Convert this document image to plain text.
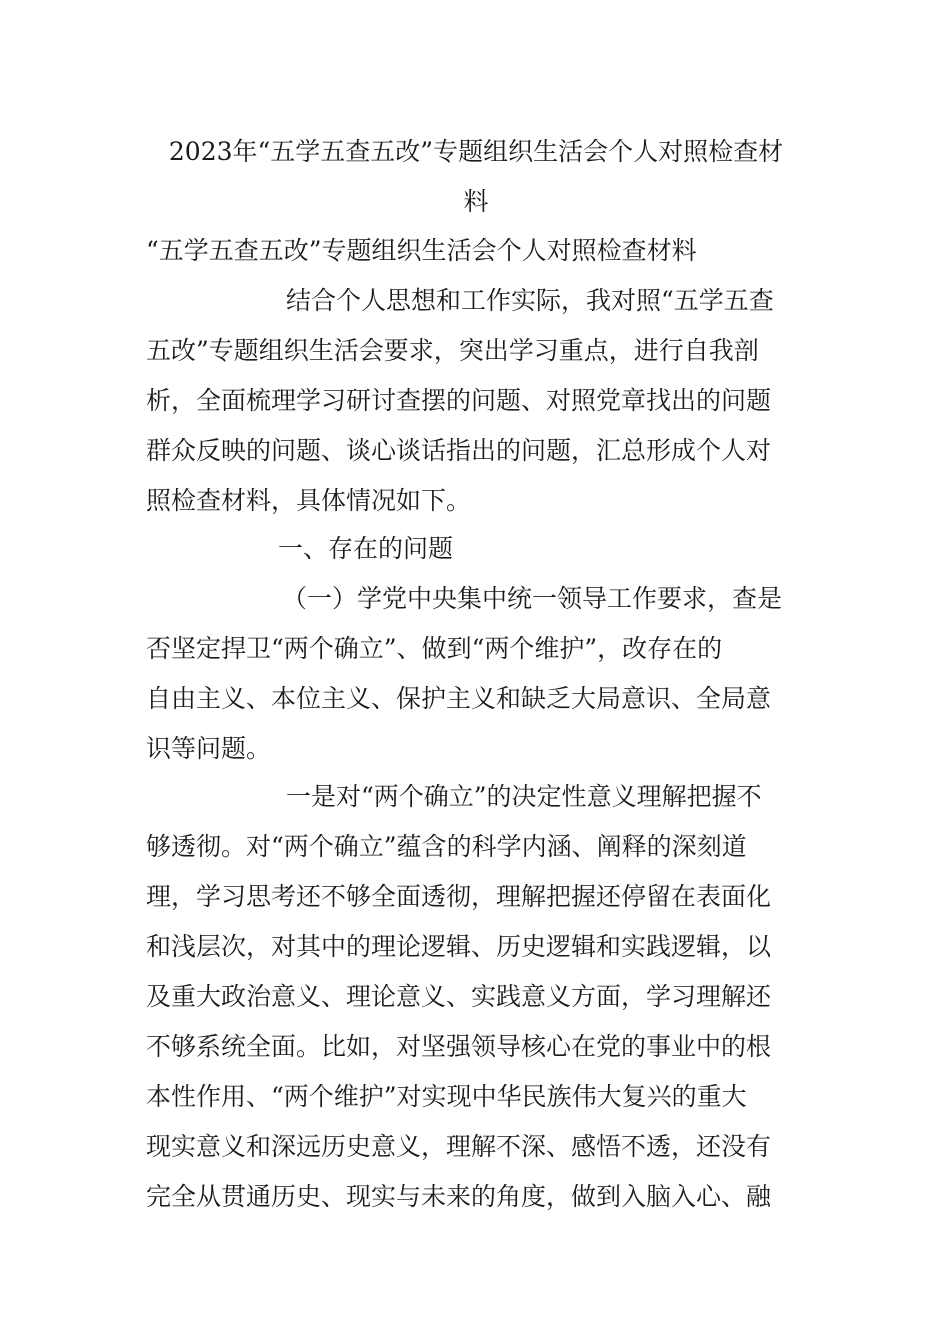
2023年“五学五查五改”专题组织生活会个人对照检查材
料
“五学五查五改”专题组织生活会个人对照检查材料
结合个人思想和工作实际，我对照“五学五查
五改”专题组织生活会要求，突出学习重点，进行自我剖
析，全面梳理学习研讨查摆的问题、对照党章找出的问题
群众反映的问题、谈心谈话指出的问题，汇总形成个人对
照检查材料，具体情况如下。
一、存在的问题
（一）学党中央集中统一领导工作要求，查是
否坚定捍卫“两个确立”、做到“两个维护”，改存在的
自由主义、本位主义、保护主义和缺乏大局意识、全局意
识等问题。
一是对“两个确立”的决定性意义理解把握不
够透彻。对“两个确立”蕴含的科学内涵、阐释的深刻道
理，学习思考还不够全面透彻，理解把握还停留在表面化
和浅层次，对其中的理论逻辑、历史逻辑和实践逻辑，以
及重大政治意义、理论意义、实践意义方面，学习理解还
不够系统全面。比如，对坚强领导核心在党的事业中的根
本性作用、“两个维护”对实现中华民族伟大复兴的重大
现实意义和深远历史意义，理解不深、感悟不透，还没有
完全从贯通历史、现实与未来的角度，做到入脑入心、融
